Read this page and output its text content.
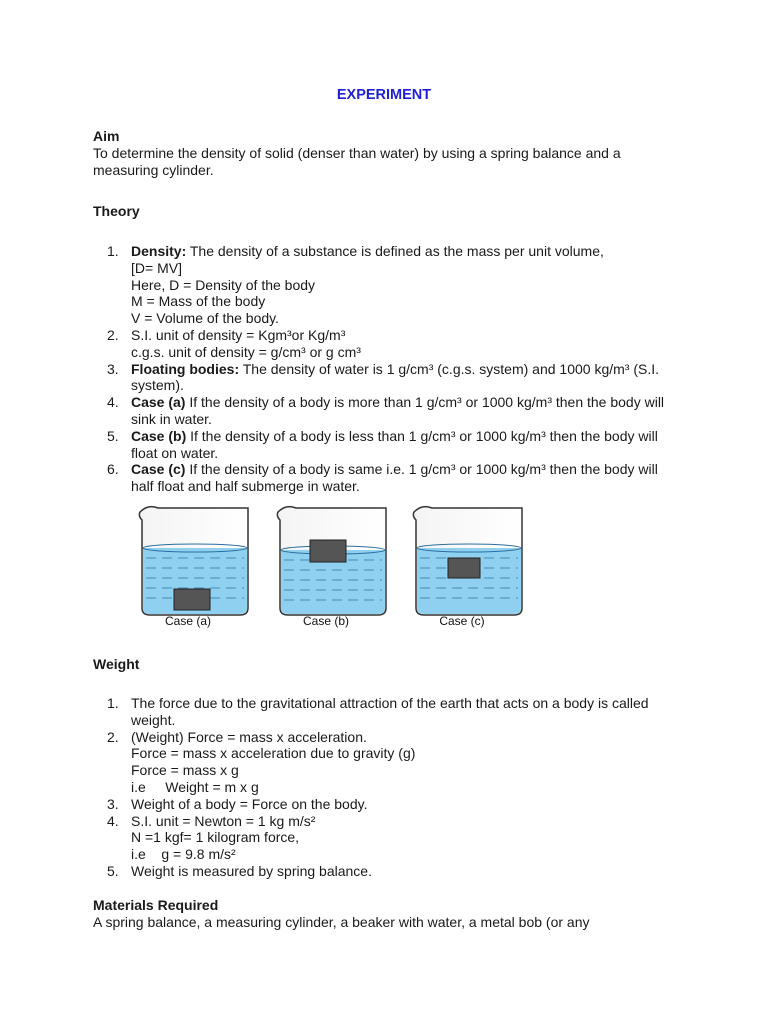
EXPERIMENT
Aim
To determine the density of solid (denser than water) by using a spring balance and a measuring cylinder.
Theory
1. Density: The density of a substance is defined as the mass per unit volume,
[D= MV]
Here, D = Density of the body
M = Mass of the body
V = Volume of the body.
2. S.I. unit of density = Kgm³or Kg/m³
c.g.s. unit of density = g/cm³ or g cm³
3. Floating bodies: The density of water is 1 g/cm³ (c.g.s. system) and 1000 kg/m³ (S.I. system).
4. Case (a) If the density of a body is more than 1 g/cm³ or 1000 kg/m³ then the body will sink in water.
5. Case (b) If the density of a body is less than 1 g/cm³ or 1000 kg/m³ then the body will float on water.
6. Case (c) If the density of a body is same i.e. 1 g/cm³ or 1000 kg/m³ then the body will half float and half submerge in water.
Case (a)	Case (b)	Case (c)
Weight
1. The force due to the gravitational attraction of the earth that acts on a body is called weight.
2. (Weight) Force = mass x acceleration.
Force = mass x acceleration due to gravity (g)
Force = mass x g
i.e     Weight = m x g
3. Weight of a body = Force on the body.
4. S.I. unit = Newton = 1 kg m/s²
N =1 kgf= 1 kilogram force,
i.e    g = 9.8 m/s²
5. Weight is measured by spring balance.
Materials Required
A spring balance, a measuring cylinder, a beaker with water, a metal bob (or any
